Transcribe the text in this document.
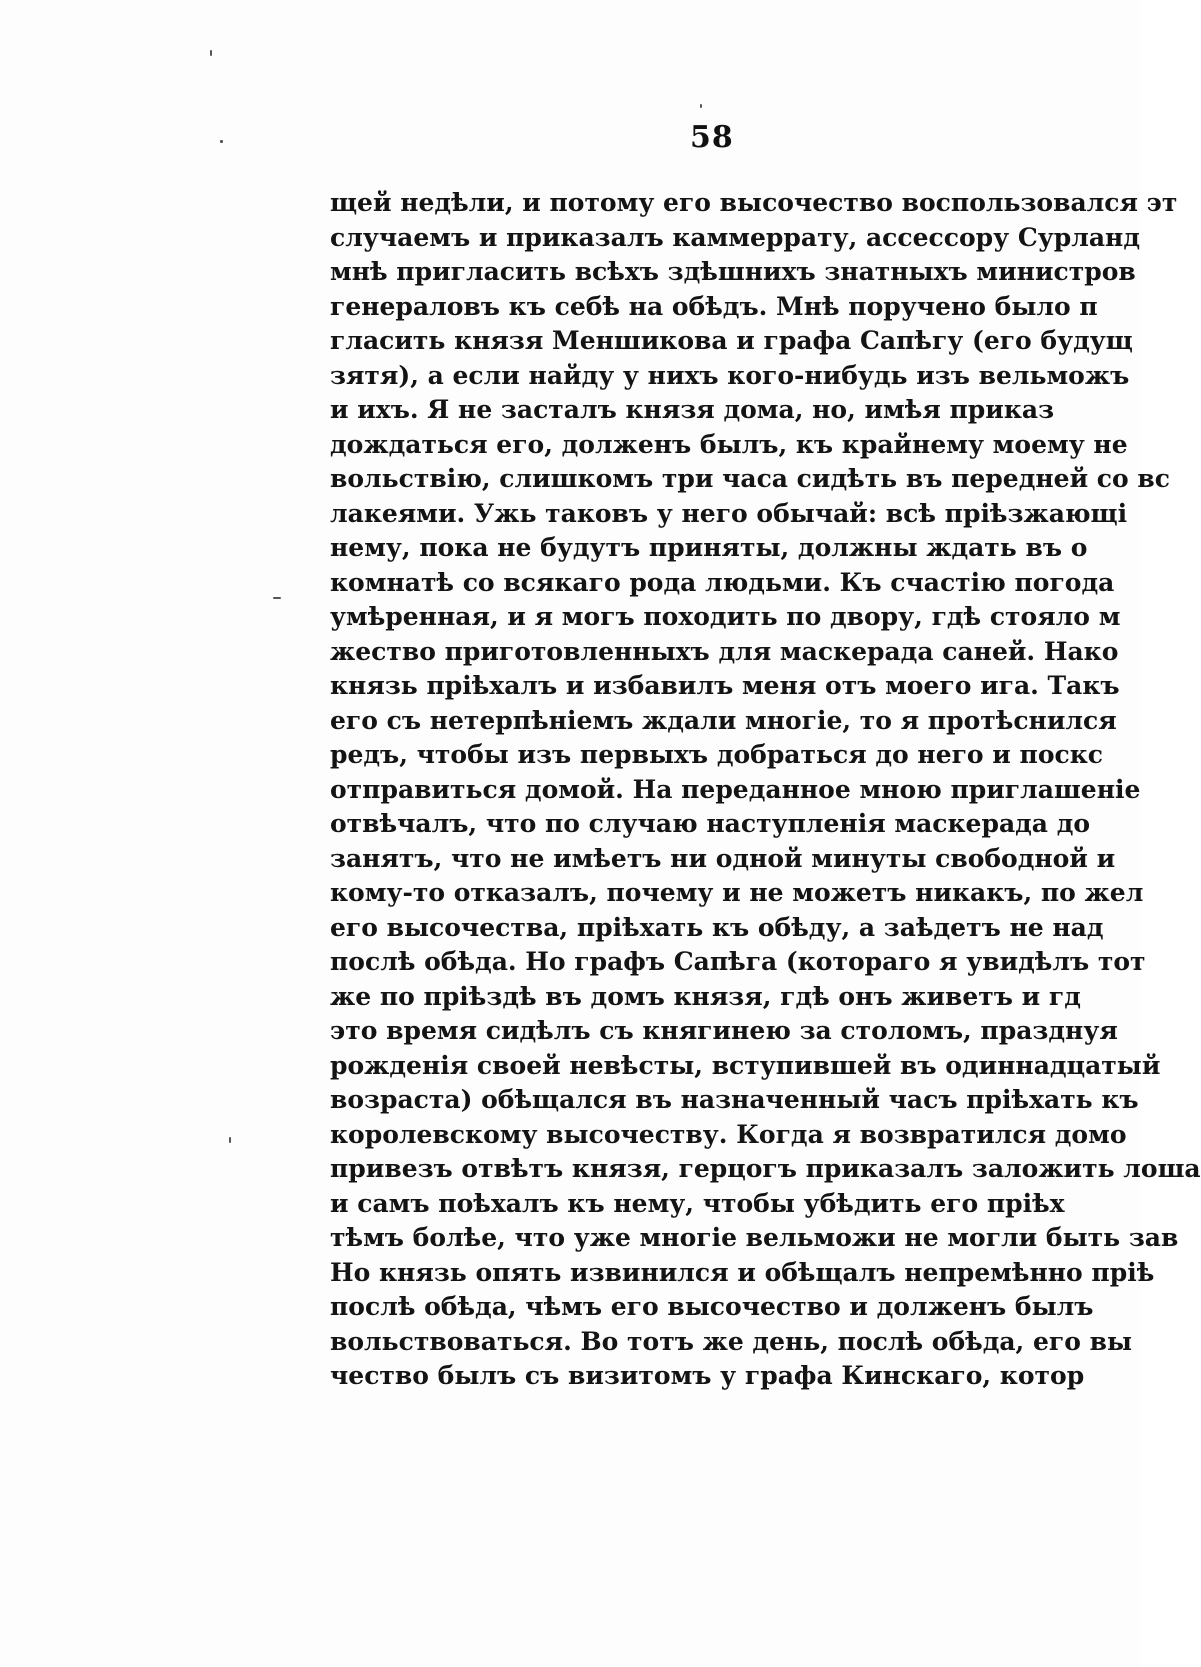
58
щей недѣли, и потому его высочество воспользовался эт
случаемъ и приказалъ каммеррату, ассессору Сурланд
мнѣ пригласить всѣхъ здѣшнихъ знатныхъ министров
генераловъ къ себѣ на обѣдъ. Мнѣ поручено было п
гласить князя Меншикова и графа Сапѣгу (его будущ
зятя), а если найду у нихъ кого-нибудь изъ вельможъ
и ихъ. Я не засталъ князя дома, но, имѣя приказ
дождаться его, долженъ былъ, къ крайнему моему не
вольствію, слишкомъ три часа сидѣть въ передней со вс
лакеями. Ужь таковъ у него обычай: всѣ пріѣзжающі
нему, пока не будутъ приняты, должны ждать въ о
комнатѣ со всякаго рода людьми. Къ счастію погода
умѣренная, и я могъ походить по двору, гдѣ стояло м
жество приготовленныхъ для маскерада саней. Нако
князь пріѣхалъ и избавилъ меня отъ моего ига. Такъ
его съ нетерпѣніемъ ждали многіе, то я протѣснился
редъ, чтобы изъ первыхъ добраться до него и поскс
отправиться домой. На переданное мною приглашеніе
отвѣчалъ, что по случаю наступленія маскерада до
занятъ, что не имѣетъ ни одной минуты свободной и
кому-то отказалъ, почему и не можетъ никакъ, по жел
его высочества, пріѣхать къ обѣду, а заѣдетъ не над
послѣ обѣда. Но графъ Сапѣга (котораго я увидѣлъ тот
же по пріѣздѣ въ домъ князя, гдѣ онъ живетъ и гд
это время сидѣлъ съ княгинею за столомъ, празднуя
рожденія своей невѣсты, вступившей въ одиннадцатый
возраста) обѣщался въ назначенный часъ пріѣхать къ
королевскому высочеству. Когда я возвратился домо
привезъ отвѣтъ князя, герцогъ приказалъ заложить лоша
и самъ поѣхалъ къ нему, чтобы убѣдить его пріѣх
тѣмъ болѣе, что уже многіе вельможи не могли быть зав
Но князь опять извинился и обѣщалъ непремѣнно пріѣ
послѣ обѣда, чѣмъ его высочество и долженъ былъ
вольствоваться. Во тотъ же день, послѣ обѣда, его вы
чество былъ съ визитомъ у графа Кинскаго, котор
